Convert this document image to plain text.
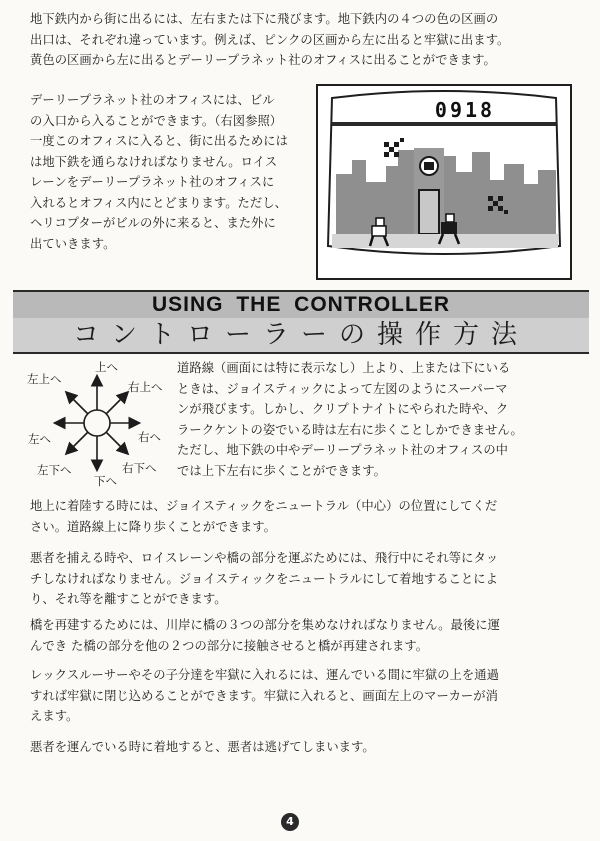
地下鉄内から街に出るには、左右または下に飛びます。地下鉄内の４つの色の区画の
出口は、それぞれ違っています。例えば、ピンクの区画から左に出ると牢獄に出ます。
黄色の区画から左に出るとデーリープラネット社のオフィスに出ることができます。
デーリープラネット社のオフィスには、ビル
の入口から入ることができます。（右図参照）
一度このオフィスに入ると、街に出るためには
は地下鉄を通らなければなりません。ロイス
レーンをデーリープラネット社のオフィスに
入れるとオフィス内にとどまります。ただし、
ヘリコプターがビルの外に来ると、また外に
出ていきます。
0918
USING THE CONTROLLER
コントローラーの操作方法
上へ
左上へ
右上へ
左へ	右へ
左下へ	右下へ
下へ
道路線（画面には特に表示なし）上より、上または下にいる
ときは、ジョイスティックによって左図のようにスーパーマ
ンが飛びます。しかし、クリプトナイトにやられた時や、ク
ラークケントの姿でいる時は左右に歩くことしかできません。
ただし、地下鉄の中やデーリープラネット社のオフィスの中
では上下左右に歩くことができます。
地上に着陸する時には、ジョイスティックをニュートラル（中心）の位置にしてくだ
さい。道路線上に降り歩くことができます。
悪者を捕える時や、ロイスレーンや橋の部分を運ぶためには、飛行中にそれ等にタッ
チしなければなりません。ジョイスティックをニュートラルにして着地することによ
り、それ等を離すことができます。
橋を再建するためには、川岸に橋の３つの部分を集めなければなりません。最後に運
んでき た橋の部分を他の２つの部分に接触させると橋が再建されます。
レックスルーサーやその子分達を牢獄に入れるには、運んでいる間に牢獄の上を通過
すれば牢獄に閉じ込めることができます。牢獄に入れると、画面左上のマーカーが消
えます。
悪者を運んでいる時に着地すると、悪者は逃げてしまいます。
4
